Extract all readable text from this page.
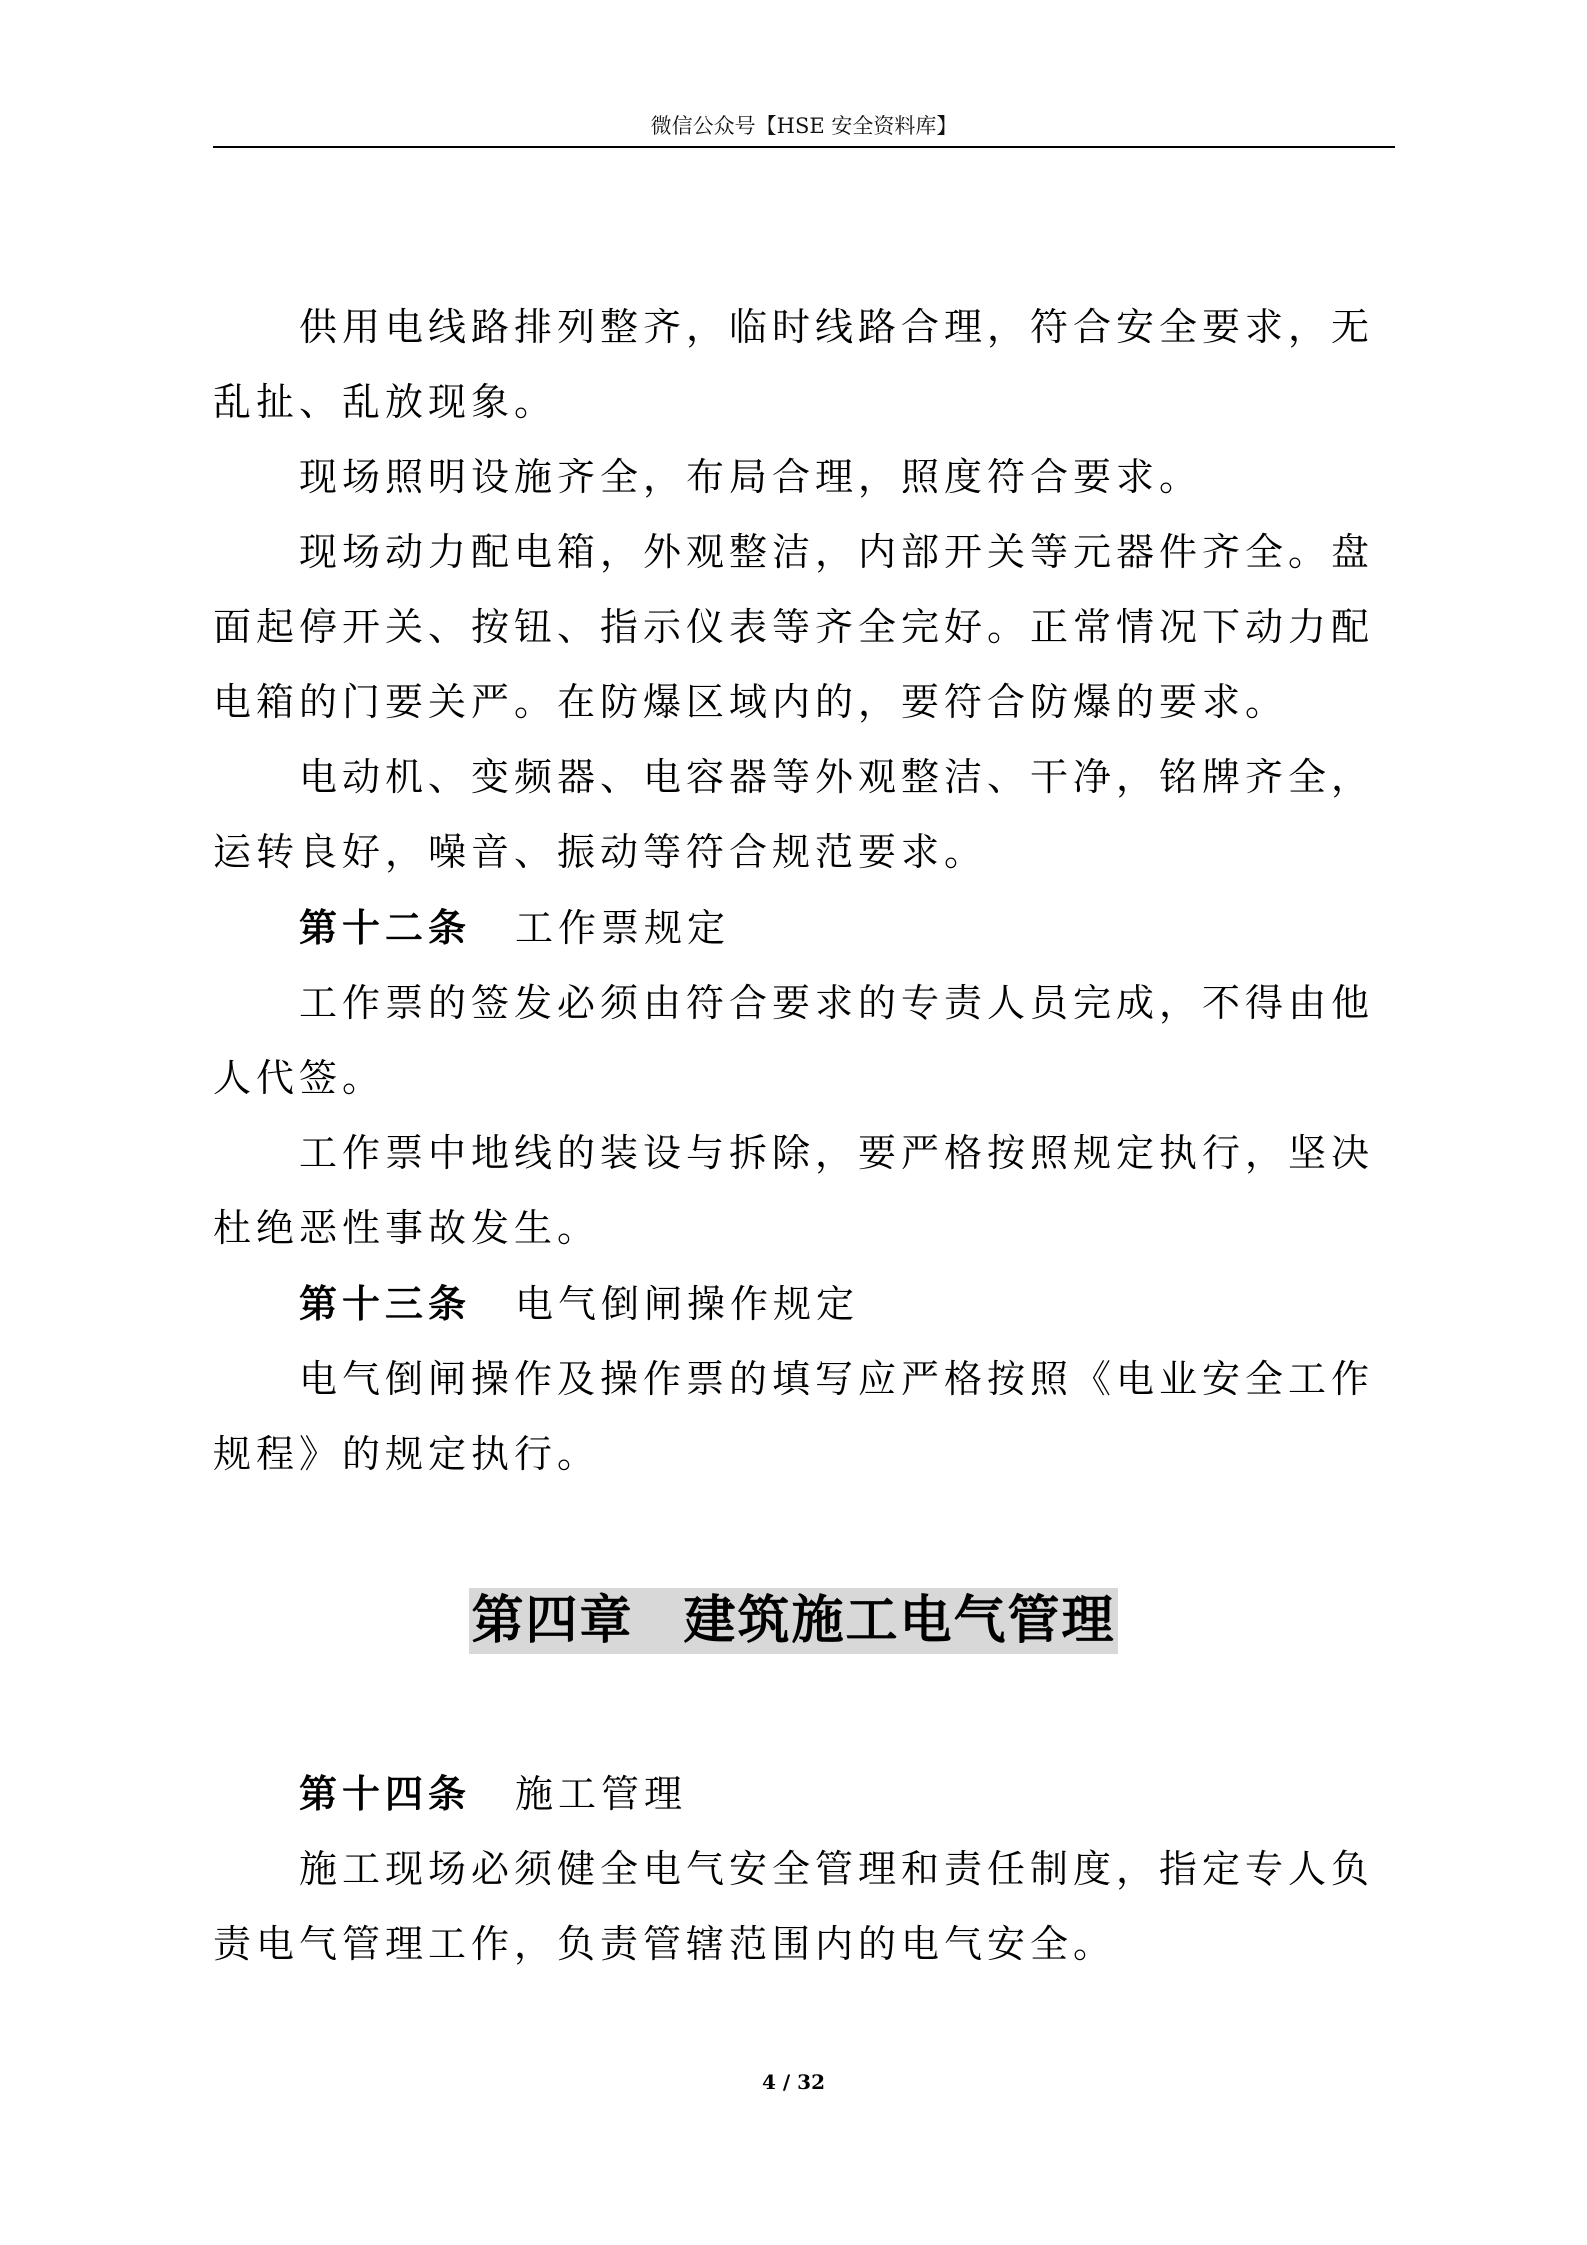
微信公众号【HSE 安全资料库】

供用电线路排列整齐，临时线路合理，符合安全要求，无乱扯、乱放现象。

现场照明设施齐全，布局合理，照度符合要求。

现场动力配电箱，外观整洁，内部开关等元器件齐全。盘面起停开关、按钮、指示仪表等齐全完好。正常情况下动力配电箱的门要关严。在防爆区域内的，要符合防爆的要求。

电动机、变频器、电容器等外观整洁、干净，铭牌齐全，运转良好，噪音、振动等符合规范要求。

第十二条 工作票规定

工作票的签发必须由符合要求的专责人员完成，不得由他人代签。

工作票中地线的装设与拆除，要严格按照规定执行，坚决杜绝恶性事故发生。

第十三条 电气倒闸操作规定

电气倒闸操作及操作票的填写应严格按照《电业安全工作规程》的规定执行。

第四章 建筑施工电气管理

第十四条 施工管理

施工现场必须健全电气安全管理和责任制度，指定专人负责电气管理工作，负责管辖范围内的电气安全。

4 / 32
